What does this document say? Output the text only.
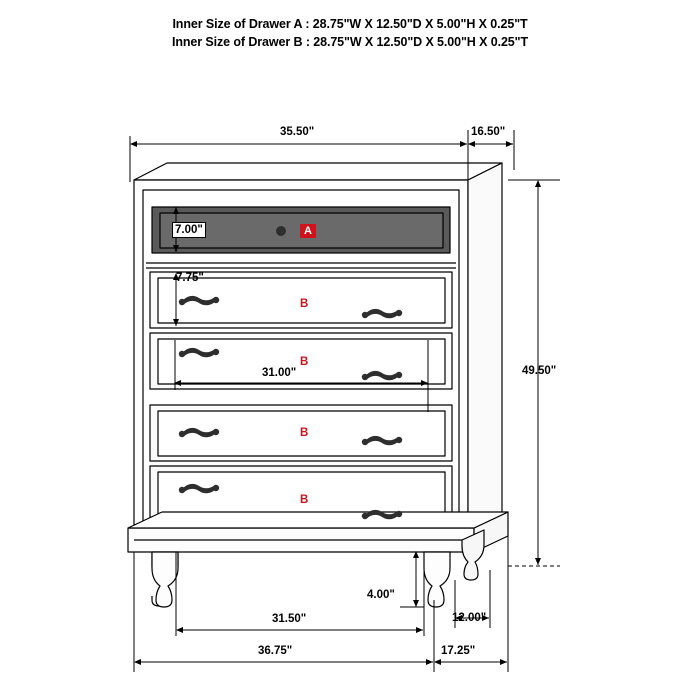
Inner Size of Drawer A : 28.75"W X 12.50"D X 5.00"H X 0.25"T
Inner Size of Drawer B : 28.75"W X 12.50"D X 5.00"H X 0.25"T
35.50"	16.50"
7.00"
7.75"
31.00"	49.50"
4.00"
12.00"
31.50"
36.75"	17.25"
A
B
B
B
B
